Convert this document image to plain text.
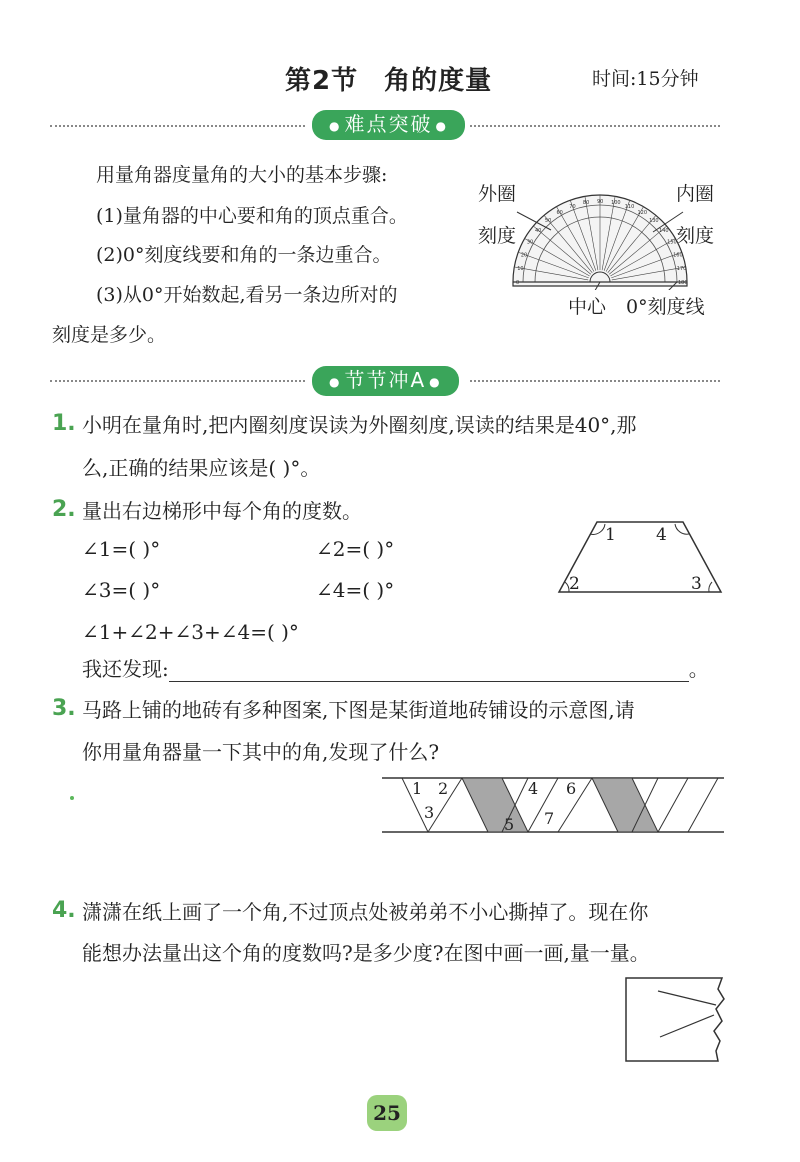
第2节 角的度量	时间:15分钟
● 难点突破 ●
用量角器度量角的大小的基本步骤:
(1)量角器的中心要和角的顶点重合。
(2)0°刻度线要和角的一条边重合。
(3)从0°开始数起,看另一条边所对的
刻度是多少。
外圈
刻度
内圈
刻度
中心 0°刻度线
0
10
20
30
40
50
60
70
80 90 100
110
120
130
140
150
160
170
180
● 节节冲A ●
1. 小明在量角时,把内圈刻度误读为外圈刻度,误读的结果是40°,那
么,正确的结果应该是( )°。
2. 量出右边梯形中每个角的度数。
∠1=( )°	∠2=( )°
∠3=( )°	∠4=( )°
∠1+∠2+∠3+∠4=( )°
我还发现:	。
1 4
2	3
3. 马路上铺的地砖有多种图案,下图是某街道地砖铺设的示意图,请
你用量角器量一下其中的角,发现了什么?
1 2
3
4
5
6
7
4. 潇潇在纸上画了一个角,不过顶点处被弟弟不小心撕掉了。现在你
能想办法量出这个角的度数吗?是多少度?在图中画一画,量一量。
25
